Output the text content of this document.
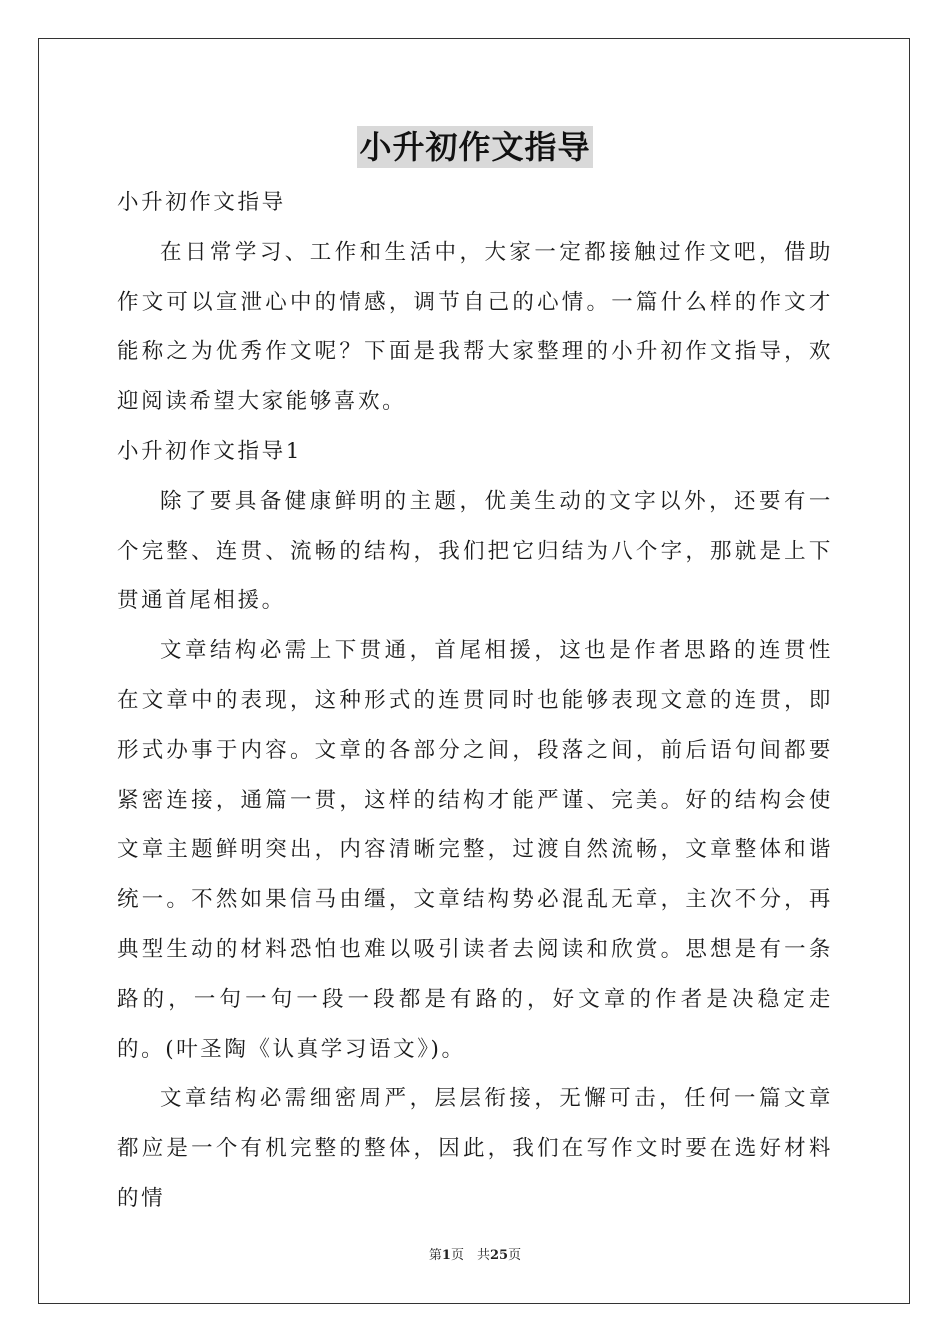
小升初作文指导

小升初作文指导

在日常学习、工作和生活中，大家一定都接触过作文吧，借助作文可以宣泄心中的情感，调节自己的心情。一篇什么样的作文才能称之为优秀作文呢？下面是我帮大家整理的小升初作文指导，欢迎阅读希望大家能够喜欢。

小升初作文指导1

除了要具备健康鲜明的主题，优美生动的文字以外，还要有一个完整、连贯、流畅的结构，我们把它归结为八个字，那就是上下贯通首尾相援。

文章结构必需上下贯通，首尾相援，这也是作者思路的连贯性在文章中的表现，这种形式的连贯同时也能够表现文意的连贯，即形式办事于内容。文章的各部分之间，段落之间，前后语句间都要紧密连接，通篇一贯，这样的结构才能严谨、完美。好的结构会使文章主题鲜明突出，内容清晰完整，过渡自然流畅，文章整体和谐统一。不然如果信马由缰，文章结构势必混乱无章，主次不分，再典型生动的材料恐怕也难以吸引读者去阅读和欣赏。思想是有一条路的，一句一句一段一段都是有路的，好文章的作者是决稳定走的。(叶圣陶《认真学习语文》)。

文章结构必需细密周严，层层衔接，无懈可击，任何一篇文章都应是一个有机完整的整体，因此，我们在写作文时要在选好材料的情

第1页　共25页
